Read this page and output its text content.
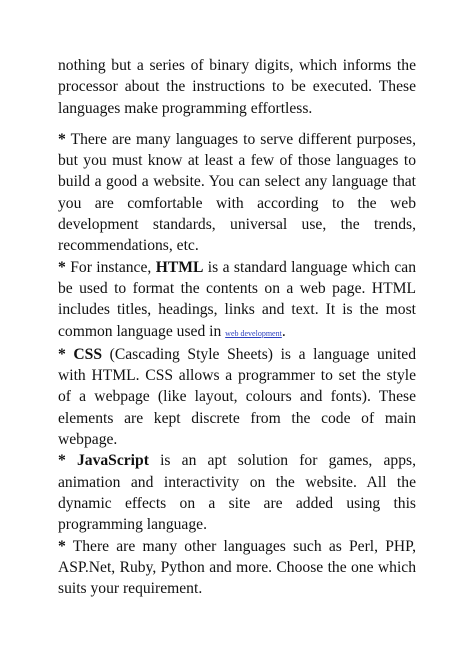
nothing but a series of binary digits, which informs the processor about the instructions to be executed. These languages make programming effortless.

* There are many languages to serve different purposes, but you must know at least a few of those languages to build a good a website. You can select any language that you are comfortable with according to the web development standards, universal use, the trends, recommendations, etc.

* For instance, HTML is a standard language which can be used to format the contents on a web page. HTML includes titles, headings, links and text. It is the most common language used in web development.

* CSS (Cascading Style Sheets) is a language united with HTML. CSS allows a programmer to set the style of a webpage (like layout, colours and fonts). These elements are kept discrete from the code of main webpage.

* JavaScript is an apt solution for games, apps, animation and interactivity on the website. All the dynamic effects on a site are added using this programming language.

* There are many other languages such as Perl, PHP, ASP.Net, Ruby, Python and more. Choose the one which suits your requirement.
